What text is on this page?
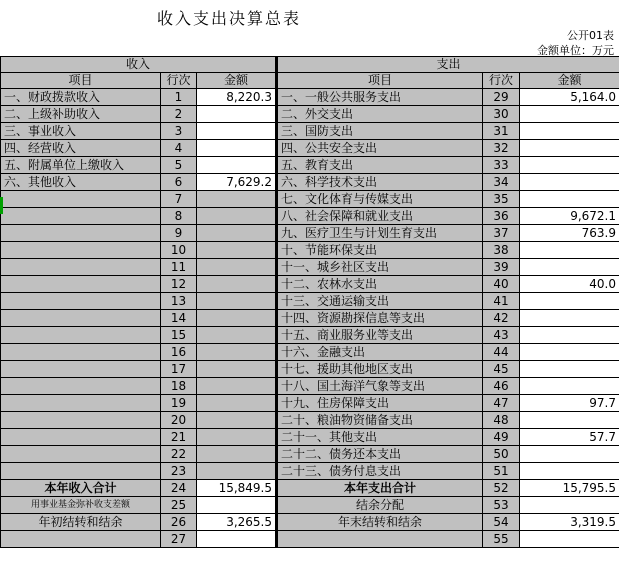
收入支出决算总表
公开01表
金额单位：万元
收入			支出		
项目	行次	金额	项目	行次	金额
一、财政拨款收入	1	8,220.3	一、一般公共服务支出	29	5,164.0
二、上级补助收入	2		二、外交支出	30	
三、事业收入	3		三、国防支出	31	
四、经营收入	4		四、公共安全支出	32	
五、附属单位上缴收入	5		五、教育支出	33	
六、其他收入	6	7,629.2	六、科学技术支出	34	
	7		七、文化体育与传媒支出	35	
	8		八、社会保障和就业支出	36	9,672.1
	9		九、医疗卫生与计划生育支出	37	763.9
	10		十、节能环保支出	38	
	11		十一、城乡社区支出	39	
	12		十二、农林水支出	40	40.0
	13		十三、交通运输支出	41	
	14		十四、资源勘探信息等支出	42	
	15		十五、商业服务业等支出	43	
	16		十六、金融支出	44	
	17		十七、援助其他地区支出	45	
	18		十八、国土海洋气象等支出	46	
	19		十九、住房保障支出	47	97.7
	20		二十、粮油物资储备支出	48	
	21		二十一、其他支出	49	57.7
	22		二十二、债务还本支出	50	
	23		二十三、债务付息支出	51	
本年收入合计	24	15,849.5	本年支出合计	52	15,795.5
用事业基金弥补收支差额	25		结余分配	53	
年初结转和结余	26	3,265.5	年末结转和结余	54	3,319.5
	27			55	
